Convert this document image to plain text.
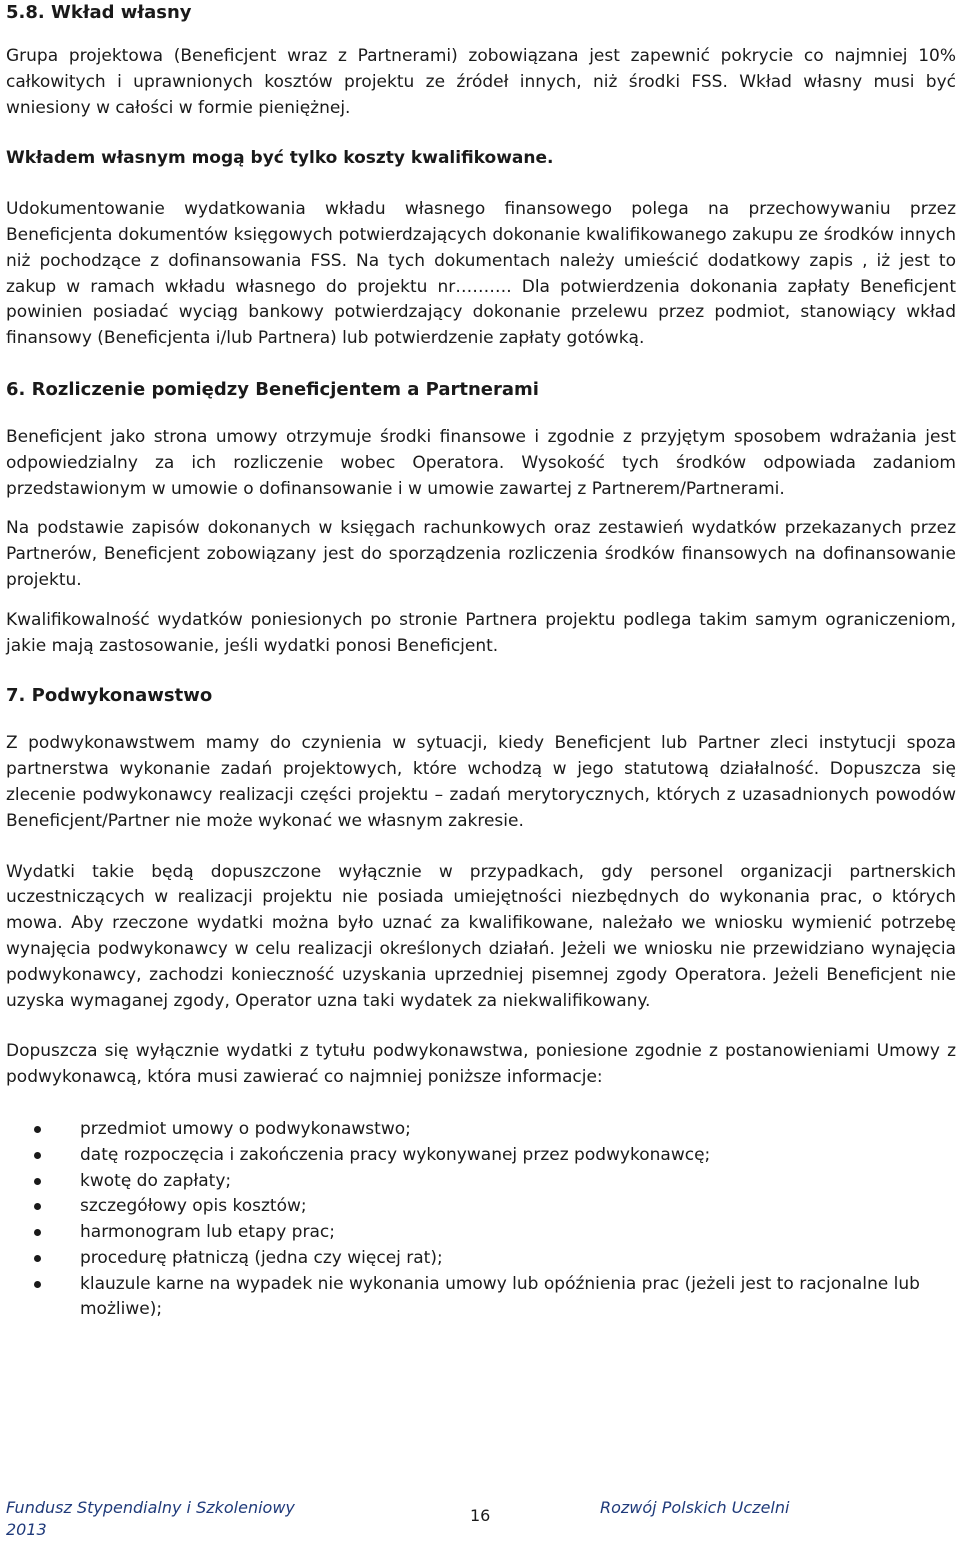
5.8. Wkład własny

Grupa projektowa (Beneficjent wraz z Partnerami) zobowiązana jest zapewnić pokrycie co najmniej 10% całkowitych i uprawnionych kosztów projektu ze źródeł innych, niż środki FSS. Wkład własny musi być wniesiony w całości w formie pieniężnej.

Wkładem własnym mogą być tylko koszty kwalifikowane.

Udokumentowanie wydatkowania wkładu własnego finansowego polega na przechowywaniu przez Beneficjenta dokumentów księgowych potwierdzających dokonanie kwalifikowanego zakupu ze środków innych niż pochodzące z dofinansowania FSS. Na tych dokumentach należy umieścić dodatkowy zapis , iż jest to zakup w ramach wkładu własnego do projektu nr………. Dla potwierdzenia dokonania zapłaty Beneficjent powinien posiadać wyciąg bankowy potwierdzający dokonanie przelewu przez podmiot, stanowiący wkład finansowy (Beneficjenta i/lub Partnera) lub potwierdzenie zapłaty gotówką.

6. Rozliczenie pomiędzy Beneficjentem a Partnerami

Beneficjent jako strona umowy otrzymuje środki finansowe i zgodnie z przyjętym sposobem wdrażania jest odpowiedzialny za ich rozliczenie wobec Operatora. Wysokość tych środków odpowiada zadaniom przedstawionym w umowie o dofinansowanie i w umowie zawartej z Partnerem/Partnerami.

Na podstawie zapisów dokonanych w księgach rachunkowych oraz zestawień wydatków przekazanych przez Partnerów, Beneficjent zobowiązany jest do sporządzenia rozliczenia środków finansowych na dofinansowanie projektu.

Kwalifikowalność wydatków poniesionych po stronie Partnera projektu podlega takim samym ograniczeniom, jakie mają zastosowanie, jeśli wydatki ponosi Beneficjent.

7. Podwykonawstwo

Z podwykonawstwem mamy do czynienia w sytuacji, kiedy Beneficjent lub Partner zleci instytucji spoza partnerstwa wykonanie zadań projektowych, które wchodzą w jego statutową działalność. Dopuszcza się zlecenie podwykonawcy realizacji części projektu – zadań merytorycznych, których z uzasadnionych powodów Beneficjent/Partner nie może wykonać we własnym zakresie.

Wydatki takie będą dopuszczone wyłącznie w przypadkach, gdy personel organizacji partnerskich uczestniczących w realizacji projektu nie posiada umiejętności niezbędnych do wykonania prac, o których mowa. Aby rzeczone wydatki można było uznać za kwalifikowane, należało we wniosku wymienić potrzebę wynajęcia podwykonawcy w celu realizacji określonych działań. Jeżeli we wniosku nie przewidziano wynajęcia podwykonawcy, zachodzi konieczność uzyskania uprzedniej pisemnej zgody Operatora. Jeżeli Beneficjent nie uzyska wymaganej zgody, Operator uzna taki wydatek za niekwalifikowany.

Dopuszcza się wyłącznie wydatki z tytułu podwykonawstwa, poniesione zgodnie z postanowieniami Umowy z podwykonawcą, która musi zawierać co najmniej poniższe informacje:

przedmiot umowy o podwykonawstwo;
datę rozpoczęcia i zakończenia pracy wykonywanej przez podwykonawcę;
kwotę do zapłaty;
szczegółowy opis kosztów;
harmonogram lub etapy prac;
procedurę płatniczą (jedna czy więcej rat);
klauzule karne na wypadek nie wykonania umowy lub opóźnienia prac (jeżeli jest to racjonalne lub możliwe);
Fundusz Stypendialny i Szkoleniowy 2013
16	Rozwój Polskich Uczelni
